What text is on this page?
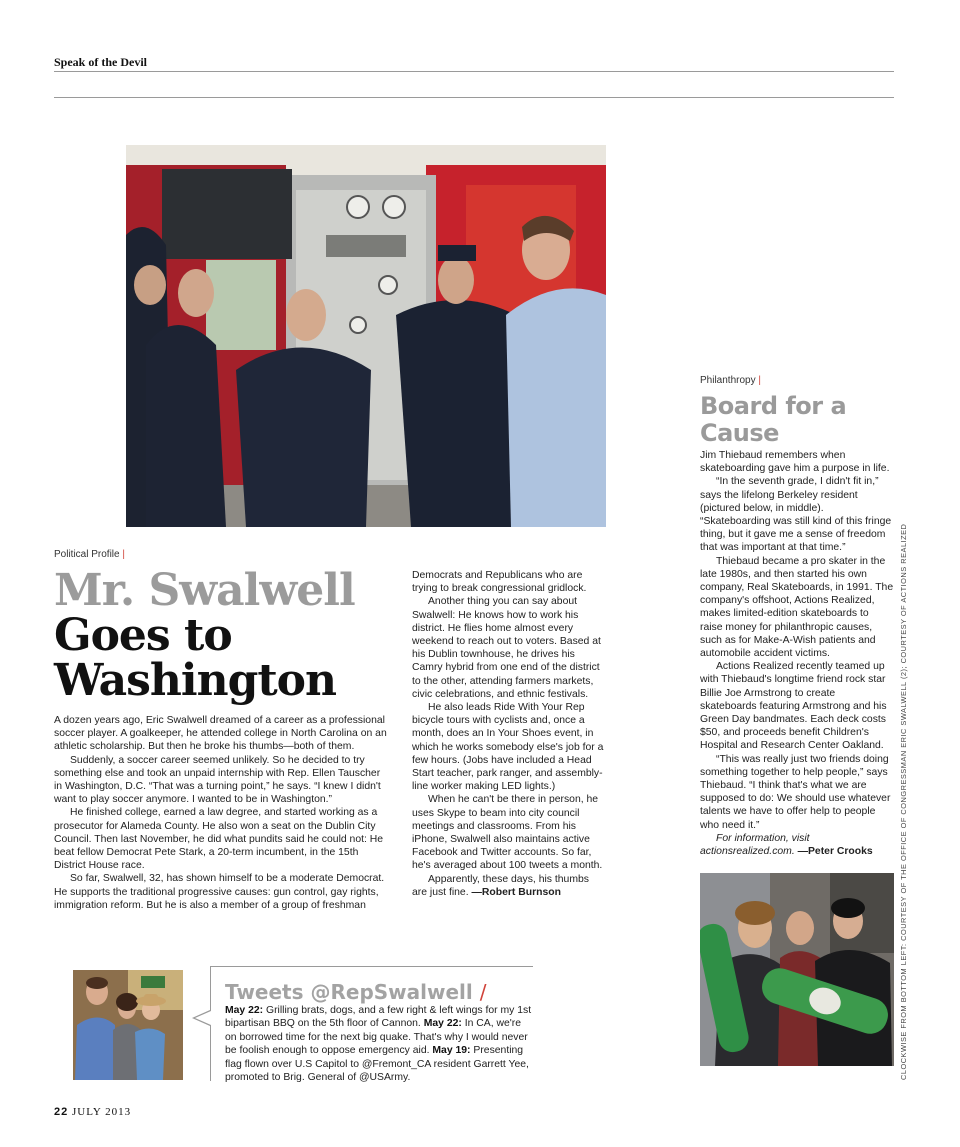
Speak of the Devil
Political Profile |
Mr. Swalwell
Goes to
Washington

A dozen years ago, Eric Swalwell dreamed of a career as a professional soccer player. A goalkeeper, he attended college in North Carolina on an athletic scholarship. But then he broke his thumbs—both of them.

Suddenly, a soccer career seemed unlikely. So he decided to try something else and took an unpaid internship with Rep. Ellen Tauscher in Washington, D.C. “That was a turning point,” he says. “I knew I didn't want to play soccer anymore. I wanted to be in Washington.”

He finished college, earned a law degree, and started working as a prosecutor for Alameda County. He also won a seat on the Dublin City Council. Then last November, he did what pundits said he could not: He beat fellow Democrat Pete Stark, a 20-term incumbent, in the 15th District House race.

So far, Swalwell, 32, has shown himself to be a moderate Democrat. He supports the traditional progressive causes: gun control, gay rights, immigration reform. But he is also a member of a group of freshman

Democrats and Republicans who are trying to break congressional gridlock.

Another thing you can say about Swalwell: He knows how to work his district. He flies home almost every weekend to reach out to voters. Based at his Dublin townhouse, he drives his Camry hybrid from one end of the district to the other, attending farmers markets, civic celebrations, and ethnic festivals.

He also leads Ride With Your Rep bicycle tours with cyclists and, once a month, does an In Your Shoes event, in which he works somebody else's job for a few hours. (Jobs have included a Head Start teacher, park ranger, and assembly-line worker making LED lights.)

When he can't be there in person, he uses Skype to beam into city council meetings and classrooms. From his iPhone, Swalwell also maintains active Facebook and Twitter accounts. So far, he's averaged about 100 tweets a month.

Apparently, these days, his thumbs are just fine. —Robert Burnson

Philanthropy |
Board for a
Cause

Jim Thiebaud remembers when skateboarding gave him a purpose in life.

“In the seventh grade, I didn't fit in,” says the lifelong Berkeley resident (pictured below, in middle). “Skateboarding was still kind of this fringe thing, but it gave me a sense of freedom that was important at that time.”

Thiebaud became a pro skater in the late 1980s, and then started his own company, Real Skateboards, in 1991. The company's offshoot, Actions Realized, makes limited-edition skateboards to raise money for philanthropic causes, such as for Make-A-Wish patients and automobile accident victims.

Actions Realized recently teamed up with Thiebaud's longtime friend rock star Billie Joe Armstrong to create skateboards featuring Armstrong and his Green Day bandmates. Each deck costs $50, and proceeds benefit Children's Hospital and Research Center Oakland.

“This was really just two friends doing something together to help people,” says Thiebaud. “I think that's what we are supposed to do: We should use whatever talents we have to offer help to people who need it.”

For information, visit actionsrealized.com. —Peter Crooks	CLOCKWISE FROM BOTTOM LEFT: COURTESY OF THE OFFICE OF CONGRESSMAN ERIC SWALWELL (2); COURTESY OF ACTIONS REALIZED
Tweets @RepSwalwell /
May 22: Grilling brats, dogs, and a few right & left wings for my 1st bipartisan BBQ on the 5th floor of Cannon. May 22: In CA, we're on borrowed time for the next big quake. That's why I would never be foolish enough to oppose emergency aid. May 19: Presenting flag flown over U.S Capitol to @Fremont_CA resident Garrett Yee, promoted to Brig. General of @USArmy.
22 JULY 2013
